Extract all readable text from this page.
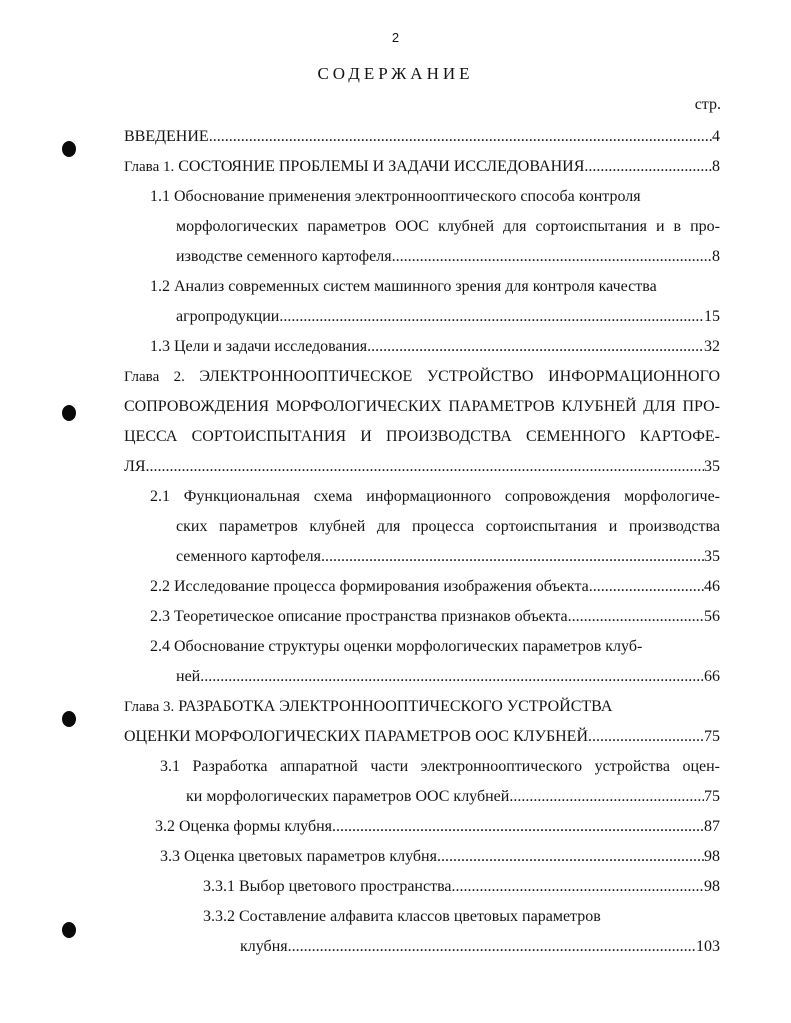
2
СОДЕРЖАНИЕ
стр.
ВВЕДЕНИЕ .....	4
Глава 1. СОСТОЯНИЕ ПРОБЛЕМЫ И ЗАДАЧИ ИССЛЕДОВАНИЯ .....	8
1.1 Обоснование применения электроннооптического способа контроля
морфологических параметров ООС клубней для сортоиспытания и в про-
изводстве семенного картофеля .....	8
1.2 Анализ современных систем машинного зрения для контроля качества
агропродукции .....	15
1.3 Цели и задачи исследования .....	32
Глава 2. ЭЛЕКТРОННООПТИЧЕСКОЕ УСТРОЙСТВО ИНФОРМАЦИОННОГО
СОПРОВОЖДЕНИЯ МОРФОЛОГИЧЕСКИХ ПАРАМЕТРОВ КЛУБНЕЙ ДЛЯ ПРО-
ЦЕССА СОРТОИСПЫТАНИЯ И ПРОИЗВОДСТВА СЕМЕННОГО КАРТОФЕ-
ЛЯ .....	35
2.1 Функциональная схема информационного сопровождения морфологиче-
ских параметров клубней для процесса сортоиспытания и производства
семенного картофеля .....	35
2.2 Исследование процесса формирования изображения объекта .....	46
2.3 Теоретическое описание пространства признаков объекта .....	56
2.4 Обоснование структуры оценки морфологических параметров клуб-
ней .....	66
Глава 3. РАЗРАБОТКА ЭЛЕКТРОННООПТИЧЕСКОГО УСТРОЙСТВА
ОЦЕНКИ МОРФОЛОГИЧЕСКИХ ПАРАМЕТРОВ ООС КЛУБНЕЙ .....	75
3.1 Разработка аппаратной части электроннооптического устройства оцен-
ки морфологических параметров ООС клубней .....	75
3.2 Оценка формы клубня .....	87
3.3 Оценка цветовых параметров клубня .....	98
3.3.1 Выбор цветового пространства .....	98
3.3.2 Составление алфавита классов цветовых параметров
клубня .....	103
